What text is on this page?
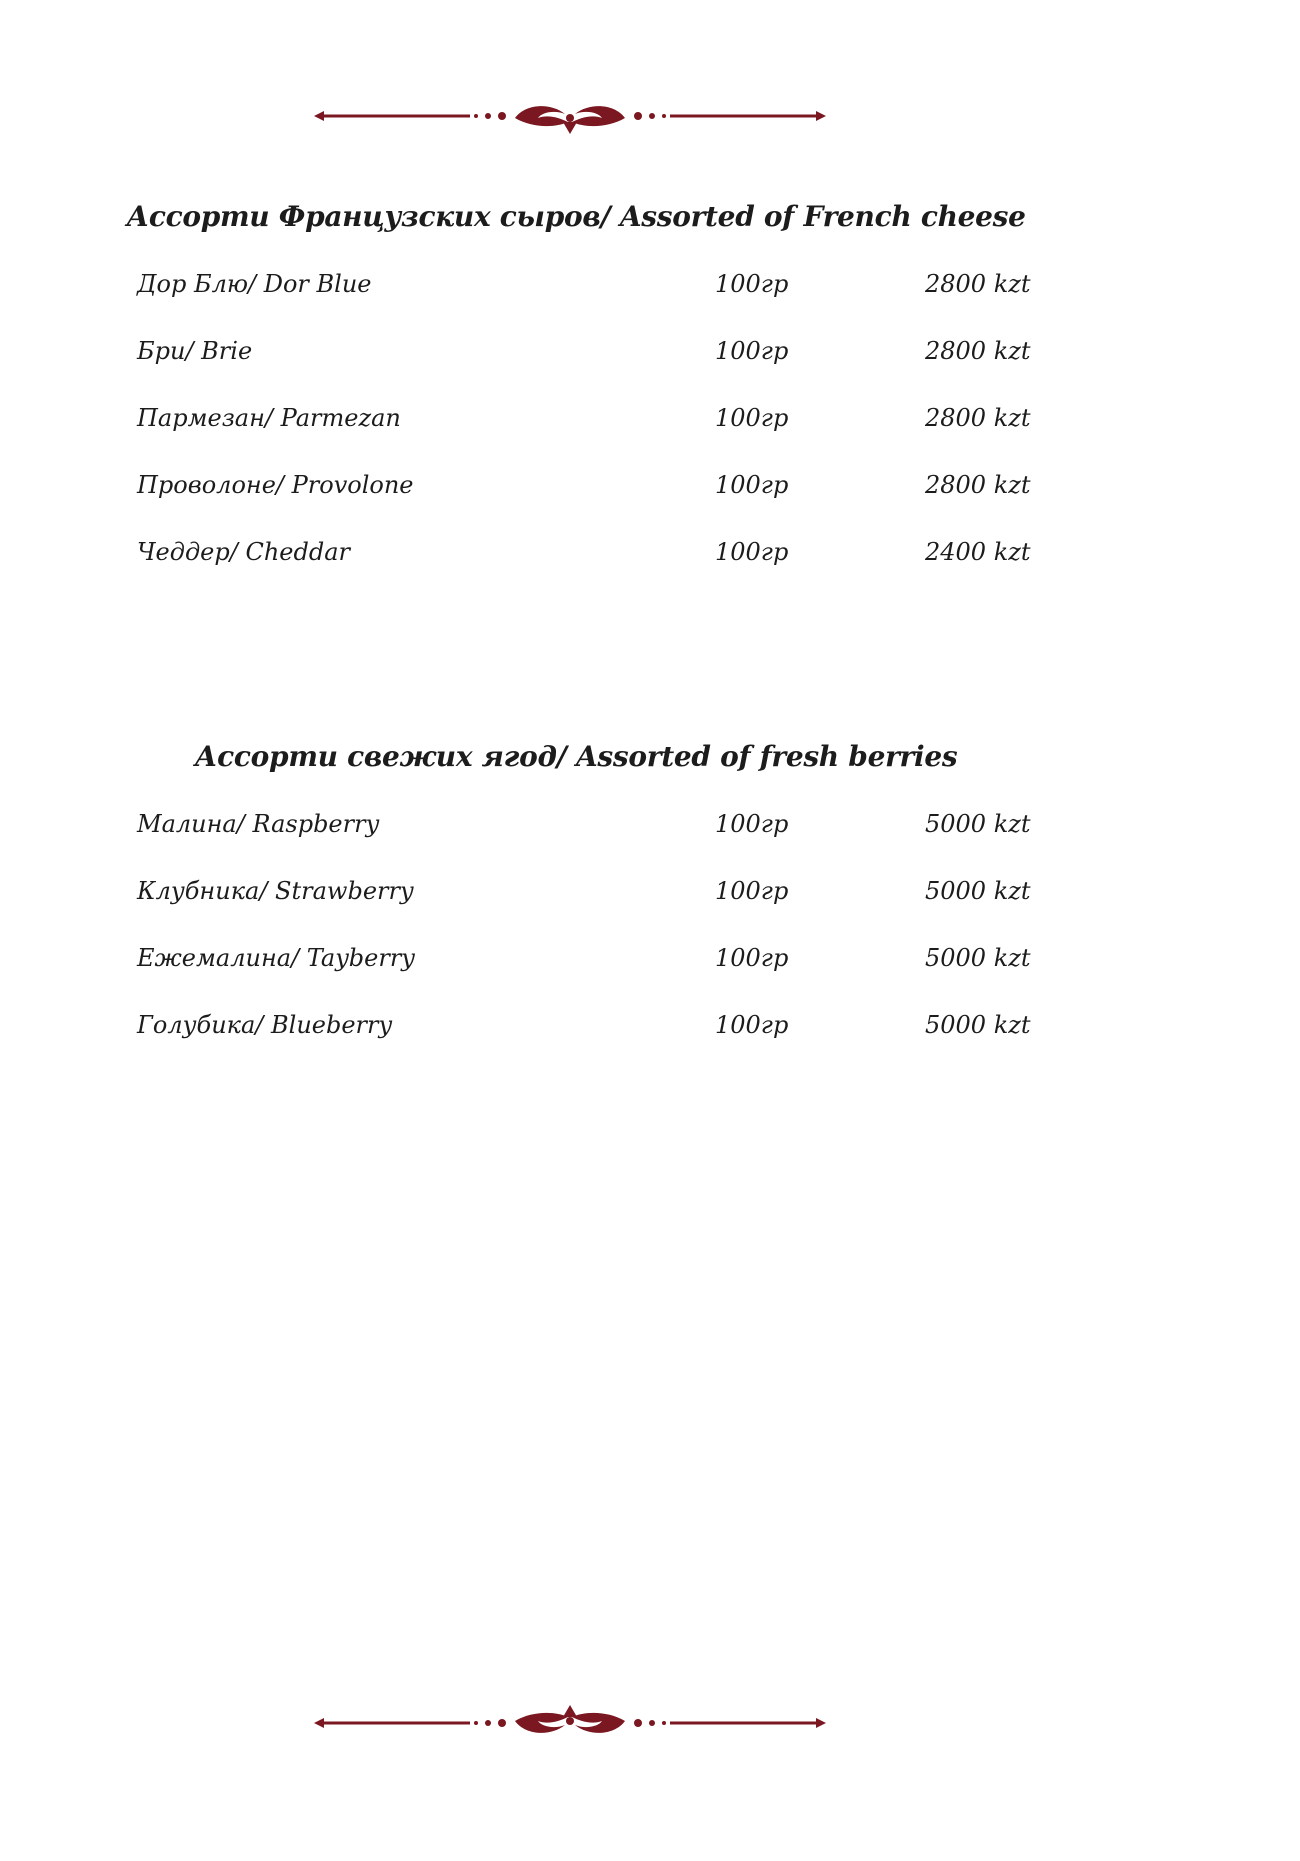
Ассорти Французских сыров/ Assorted of French cheese
Дор Блю/ Dor Blue	100гр	2800 kzt
Бри/ Brie	100гр	2800 kzt
Пармезан/ Parmezan	100гр	2800 kzt
Проволоне/ Provolone	100гр	2800 kzt
Чеддер/ Cheddar	100гр	2400 kzt
Ассорти свежих ягод/ Assorted of fresh berries
Малина/ Raspberry	100гр	5000 kzt
Клубника/ Strawberry	100гр	5000 kzt
Ежемалина/ Tayberry	100гр	5000 kzt
Голубика/ Blueberry	100гр	5000 kzt
